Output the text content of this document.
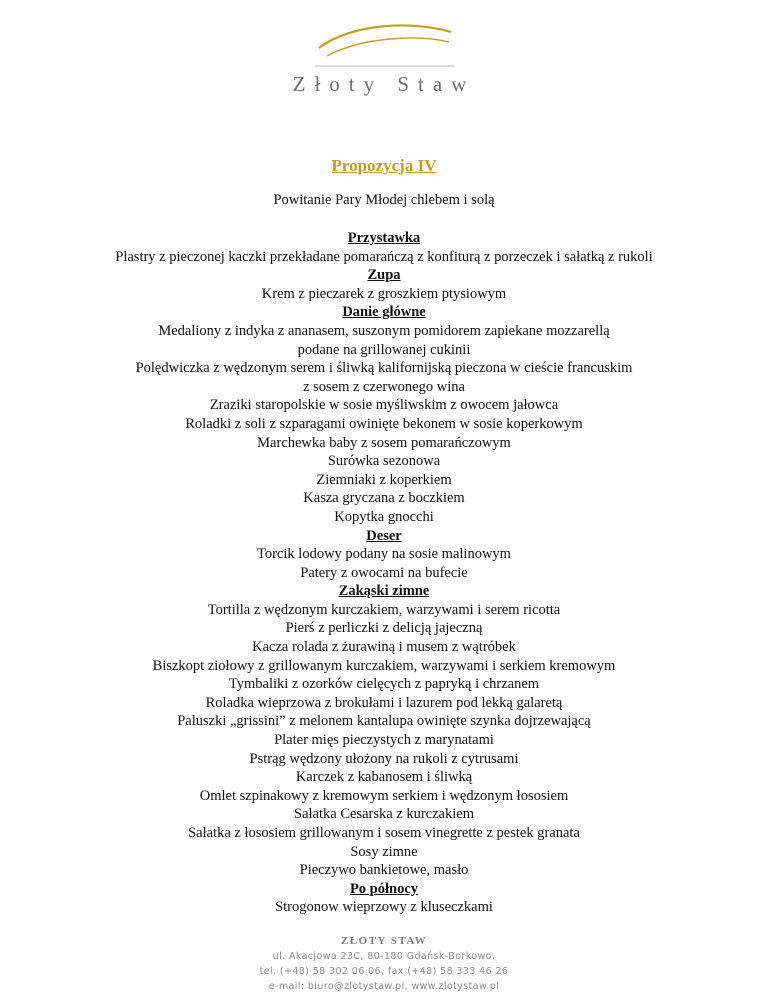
Złoty Staw
Propozycja IV
Powitanie Pary Młodej chlebem i solą
Przystawka
Plastry z pieczonej kaczki przekładane pomarańczą z konfiturą z porzeczek i sałatką z rukoli
Zupa
Krem z pieczarek z groszkiem ptysiowym
Danie główne
Medaliony z indyka z ananasem, suszonym pomidorem zapiekane mozzarellą
podane na grillowanej cukinii
Polędwiczka z wędzonym serem i śliwką kalifornijską pieczona w cieście francuskim
z sosem z czerwonego wina
Zraziki staropolskie w sosie myśliwskim z owocem jałowca
Roladki z soli z szparagami owinięte bekonem w sosie koperkowym
Marchewka baby z sosem pomarańczowym
Surówka sezonowa
Ziemniaki z koperkiem
Kasza gryczana z boczkiem
Kopytka gnocchi
Deser
Torcik lodowy podany na sosie malinowym
Patery z owocami na bufecie
Zakąski zimne
Tortilla z wędzonym kurczakiem, warzywami i serem ricotta
Pierś z perliczki z delicją jajeczną
Kacza rolada z żurawiną i musem z wątróbek
Biszkopt ziołowy z grillowanym kurczakiem, warzywami i serkiem kremowym
Tymbaliki z ozorków cielęcych z papryką i chrzanem
Roladka wieprzowa z brokułami i lazurem pod lekką galaretą
Paluszki „grissini” z melonem kantalupa owinięte szynka dojrzewającą
Plater mięs pieczystych z marynatami
Pstrąg wędzony ułożony na rukoli z cytrusami
Karczek z kabanosem i śliwką
Omlet szpinakowy z kremowym serkiem i wędzonym łososiem
Sałatka Cesarska z kurczakiem
Sałatka z łososiem grillowanym i sosem vinegrette z pestek granata
Sosy zimne
Pieczywo bankietowe, masło
Po północy
Strogonow wieprzowy z kluseczkami
ZŁOTY STAW
ul. Akacjowa 23C, 80-180 Gdańsk-Borkowo,
tel. (+48) 58 302 06 06, fax (+48) 58 333 46 26
e-mail: biuro@zlotystaw.pl, www.zlotystaw.pl
